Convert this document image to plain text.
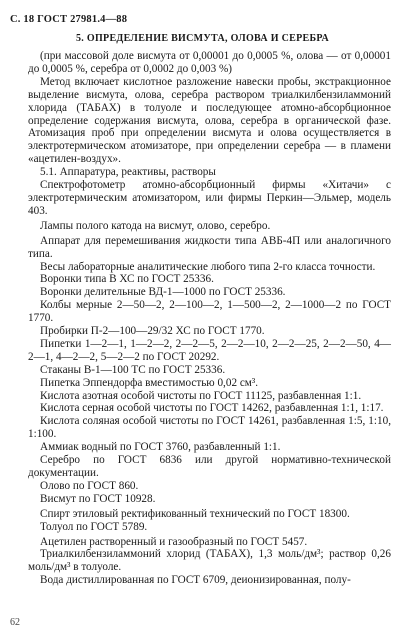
С. 18 ГОСТ 27981.4—88
5. ОПРЕДЕЛЕНИЕ ВИСМУТА, ОЛОВА И СЕРЕБРА

(при массовой доле висмута от 0,00001 до 0,0005 %, олова — от 0,00001 до 0,0005 %, серебра от 0,0002 до 0,003 %)

Метод включает кислотное разложение навески пробы, экстракционное выделение висмута, олова, серебра раствором триалкилбензиламмоний хлорида (ТАБАХ) в толуоле и последующее атомно-абсорбционное определение содержания висмута, олова, серебра в органической фазе. Атомизация проб при определении висмута и олова осуществляется в электротермическом атомизаторе, при определении серебра — в пламени «ацетилен-воздух».

5.1. Аппаратура, реактивы, растворы

Спектрофотометр атомно-абсорбционный фирмы «Хитачи» с электротермическим атомизатором, или фирмы Перкин—Эльмер, модель 403.

Лампы полого катода на висмут, олово, серебро.

Аппарат для перемешивания жидкости типа АВБ-4П или аналогичного типа.

Весы лабораторные аналитические любого типа 2-го класса точности.

Воронки типа В ХС по ГОСТ 25336.

Воронки делительные ВД-1—1000 по ГОСТ 25336.

Колбы мерные 2—50—2, 2—100—2, 1—500—2, 2—1000—2 по ГОСТ 1770.

Пробирки П-2—100—29/32 ХС по ГОСТ 1770.

Пипетки 1—2—1, 1—2—2, 2—2—5, 2—2—10, 2—2—25, 2—2—50, 4—2—1, 4—2—2, 5—2—2 по ГОСТ 20292.

Стаканы В-1—100 ТС по ГОСТ 25336.

Пипетка Эппендорфа вместимостью 0,02 см³.

Кислота азотная особой чистоты по ГОСТ 11125, разбавленная 1:1.

Кислота серная особой чистоты по ГОСТ 14262, разбавленная 1:1, 1:17.

Кислота соляная особой чистоты по ГОСТ 14261, разбавленная 1:5, 1:10, 1:100.

Аммиак водный по ГОСТ 3760, разбавленный 1:1.

Серебро по ГОСТ 6836 или другой нормативно-технической документации.

Олово по ГОСТ 860.

Висмут по ГОСТ 10928.

Спирт этиловый ректификованный технический по ГОСТ 18300.

Толуол по ГОСТ 5789.

Ацетилен растворенный и газообразный по ГОСТ 5457.

Триалкилбензиламмоний хлорид (ТАБАХ), 1,3 моль/дм³; раствор 0,26 моль/дм³ в толуоле.

Вода дистиллированная по ГОСТ 6709, деионизированная, полу-

62
